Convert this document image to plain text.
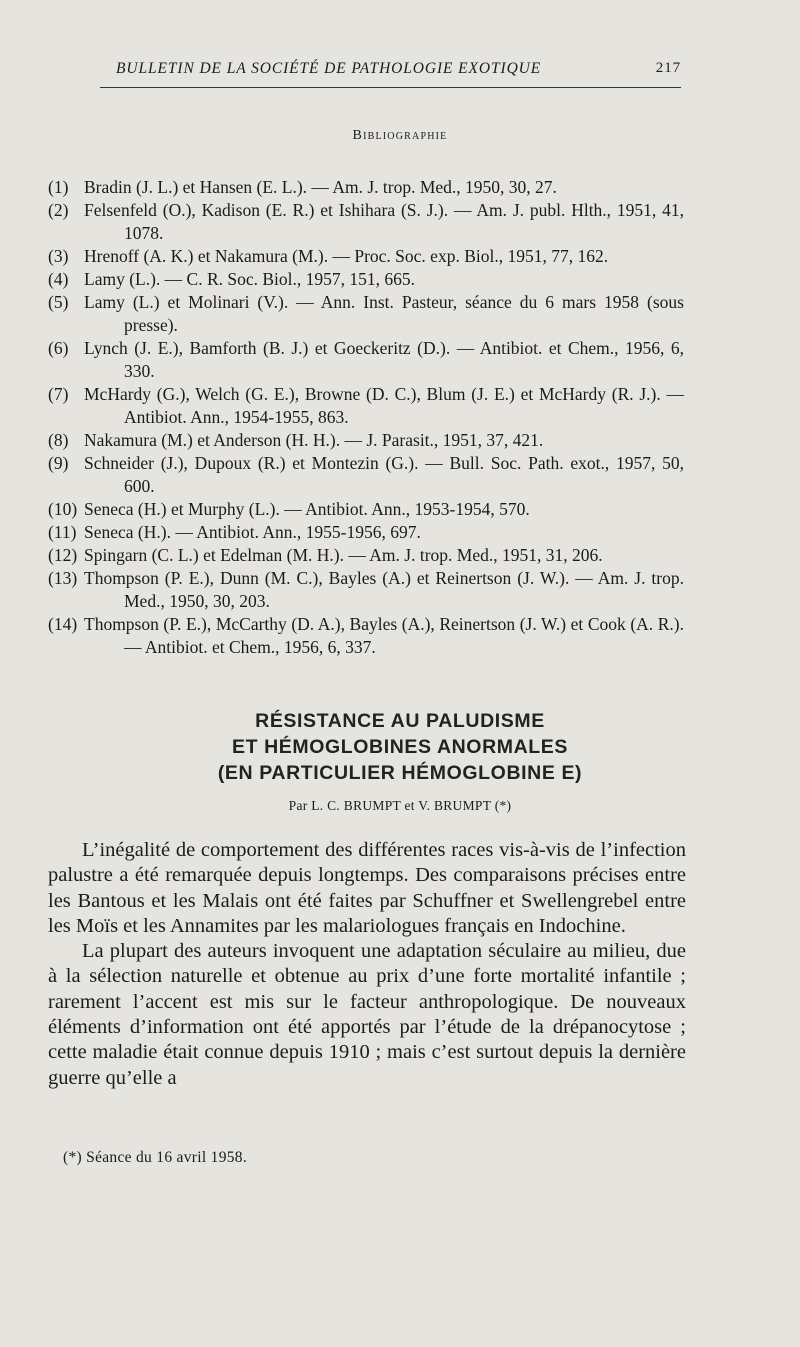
BULLETIN DE LA SOCIÉTÉ DE PATHOLOGIE EXOTIQUE	217
Bibliographie
(1) Bradin (J. L.) et Hansen (E. L.). — Am. J. trop. Med., 1950, 30, 27.
(2) Felsenfeld (O.), Kadison (E. R.) et Ishihara (S. J.). — Am. J. publ. Hlth., 1951, 41, 1078.
(3) Hrenoff (A. K.) et Nakamura (M.). — Proc. Soc. exp. Biol., 1951, 77, 162.
(4) Lamy (L.). — C. R. Soc. Biol., 1957, 151, 665.
(5) Lamy (L.) et Molinari (V.). — Ann. Inst. Pasteur, séance du 6 mars 1958 (sous presse).
(6) Lynch (J. E.), Bamforth (B. J.) et Goeckeritz (D.). — Antibiot. et Chem., 1956, 6, 330.
(7) McHardy (G.), Welch (G. E.), Browne (D. C.), Blum (J. E.) et McHardy (R. J.). — Antibiot. Ann., 1954-1955, 863.
(8) Nakamura (M.) et Anderson (H. H.). — J. Parasit., 1951, 37, 421.
(9) Schneider (J.), Dupoux (R.) et Montezin (G.). — Bull. Soc. Path. exot., 1957, 50, 600.
(10) Seneca (H.) et Murphy (L.). — Antibiot. Ann., 1953-1954, 570.
(11) Seneca (H.). — Antibiot. Ann., 1955-1956, 697.
(12) Spingarn (C. L.) et Edelman (M. H.). — Am. J. trop. Med., 1951, 31, 206.
(13) Thompson (P. E.), Dunn (M. C.), Bayles (A.) et Reinertson (J. W.). — Am. J. trop. Med., 1950, 30, 203.
(14) Thompson (P. E.), McCarthy (D. A.), Bayles (A.), Reinertson (J. W.) et Cook (A. R.). — Antibiot. et Chem., 1956, 6, 337.
RÉSISTANCE AU PALUDISME
ET HÉMOGLOBINES ANORMALES
(EN PARTICULIER HÉMOGLOBINE E)
Par L. C. BRUMPT et V. BRUMPT (*)

L’inégalité de comportement des différentes races vis-à-vis de l’infection palustre a été remarquée depuis longtemps. Des comparaisons précises entre les Bantous et les Malais ont été faites par Schuffner et Swellengrebel entre les Moïs et les Annamites par les malariologues français en Indochine.

La plupart des auteurs invoquent une adaptation séculaire au milieu, due à la sélection naturelle et obtenue au prix d’une forte mortalité infantile ; rarement l’accent est mis sur le facteur anthropologique. De nouveaux éléments d’information ont été apportés par l’étude de la drépanocytose ; cette maladie était connue depuis 1910 ; mais c’est surtout depuis la dernière guerre qu’elle a

(*) Séance du 16 avril 1958.
